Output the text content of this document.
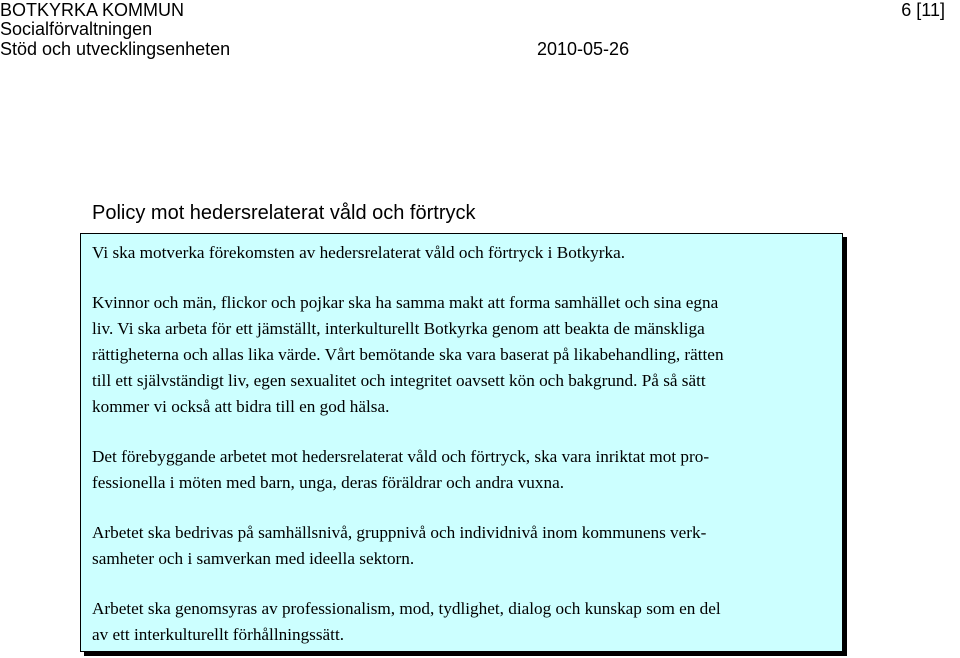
BOTKYRKA KOMMUN
Socialförvaltningen
Stöd och utvecklingsenheten	2010-05-26
6 [11]
Policy mot hedersrelaterat våld och förtryck

Vi ska motverka förekomsten av hedersrelaterat våld och förtryck i Botkyrka.

Kvinnor och män, flickor och pojkar ska ha samma makt att forma samhället och sina egna
liv. Vi ska arbeta för ett jämställt, interkulturellt Botkyrka genom att beakta de mänskliga
rättigheterna och allas lika värde. Vårt bemötande ska vara baserat på likabehandling, rätten
till ett självständigt liv, egen sexualitet och integritet oavsett kön och bakgrund. På så sätt
kommer vi också att bidra till en god hälsa.

Det förebyggande arbetet mot hedersrelaterat våld och förtryck, ska vara inriktat mot pro-
fessionella i möten med barn, unga, deras föräldrar och andra vuxna.

Arbetet ska bedrivas på samhällsnivå, gruppnivå och individnivå inom kommunens verk-
samheter och i samverkan med ideella sektorn.

Arbetet ska genomsyras av professionalism, mod, tydlighet, dialog och kunskap som en del
av ett interkulturellt förhållningssätt.
